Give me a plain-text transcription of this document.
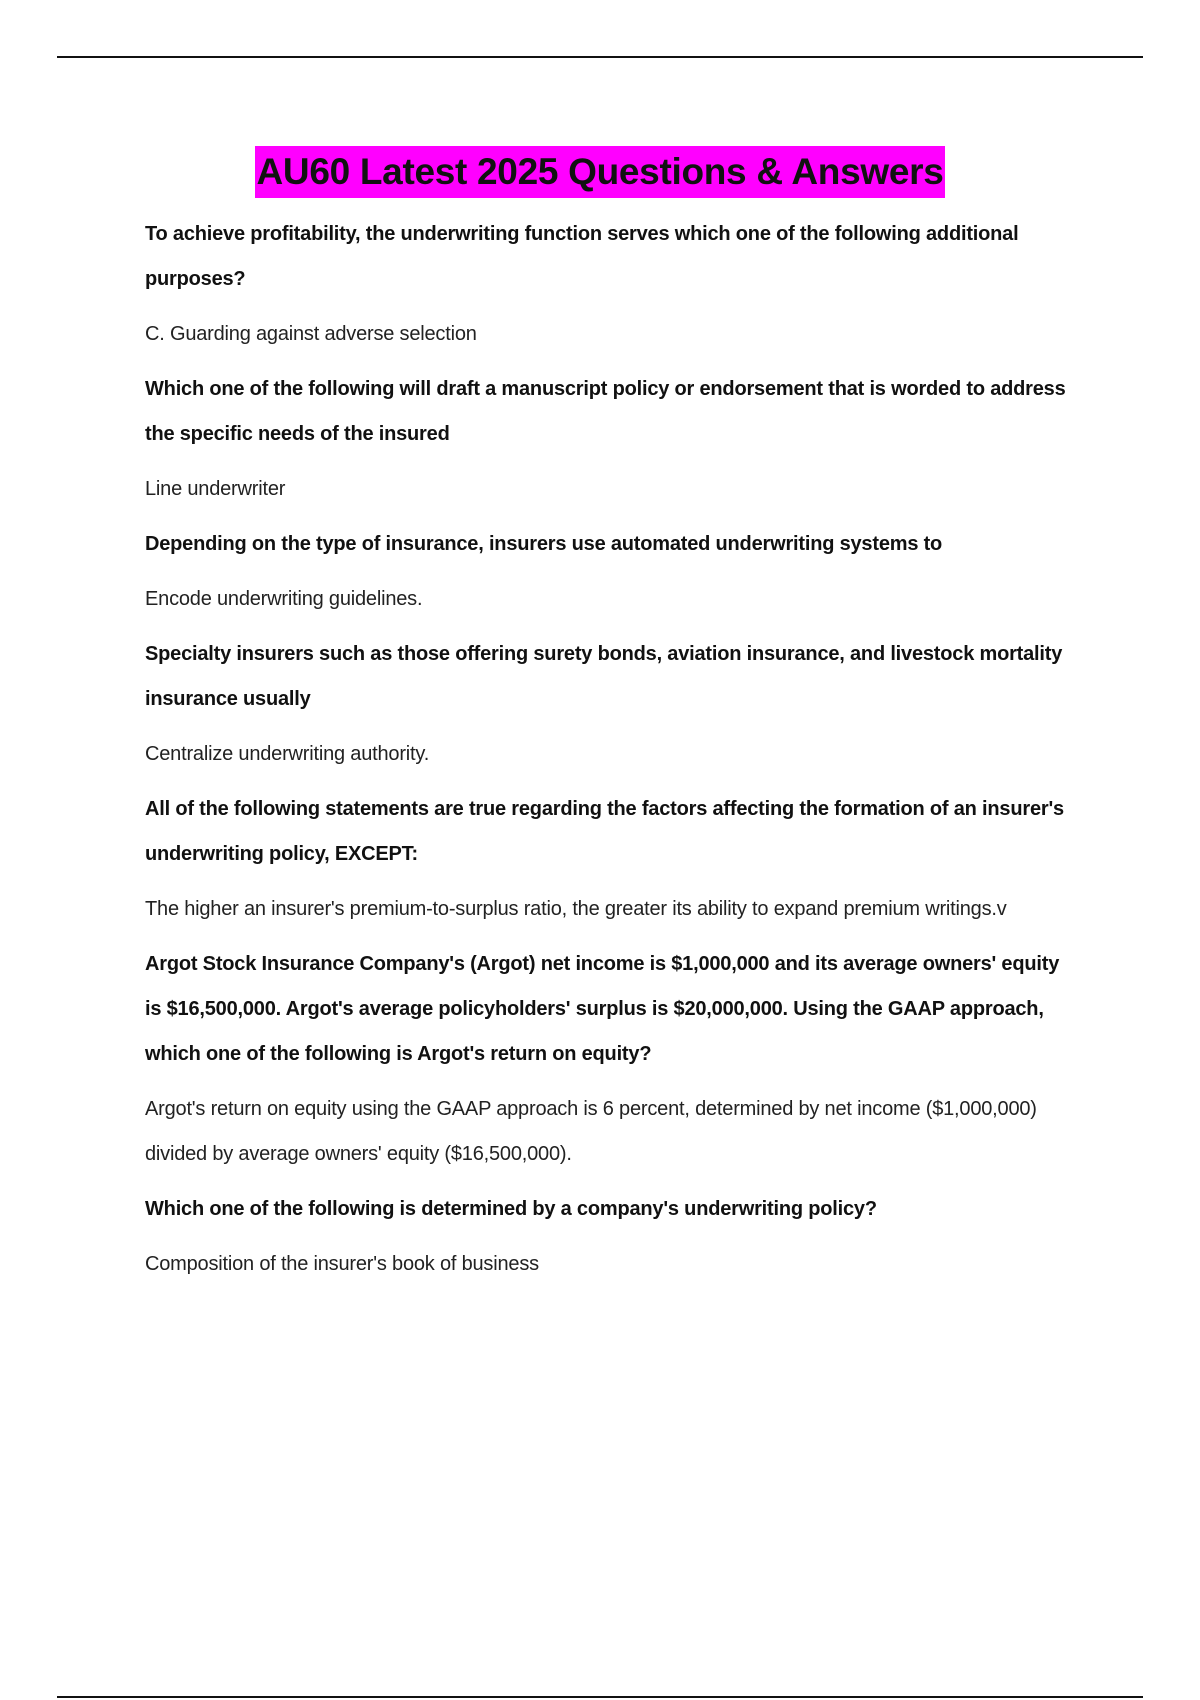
AU60 Latest 2025 Questions & Answers

To achieve profitability, the underwriting function serves which one of the following additional purposes?

C. Guarding against adverse selection

Which one of the following will draft a manuscript policy or endorsement that is worded to address the specific needs of the insured

Line underwriter

Depending on the type of insurance, insurers use automated underwriting systems to

Encode underwriting guidelines.

Specialty insurers such as those offering surety bonds, aviation insurance, and livestock mortality insurance usually

Centralize underwriting authority.

All of the following statements are true regarding the factors affecting the formation of an insurer's underwriting policy, EXCEPT:

The higher an insurer's premium-to-surplus ratio, the greater its ability to expand premium writings.v

Argot Stock Insurance Company's (Argot) net income is $1,000,000 and its average owners' equity is $16,500,000. Argot's average policyholders' surplus is $20,000,000. Using the GAAP approach, which one of the following is Argot's return on equity?

Argot's return on equity using the GAAP approach is 6 percent, determined by net income ($1,000,000) divided by average owners' equity ($16,500,000).

Which one of the following is determined by a company's underwriting policy?

Composition of the insurer's book of business
